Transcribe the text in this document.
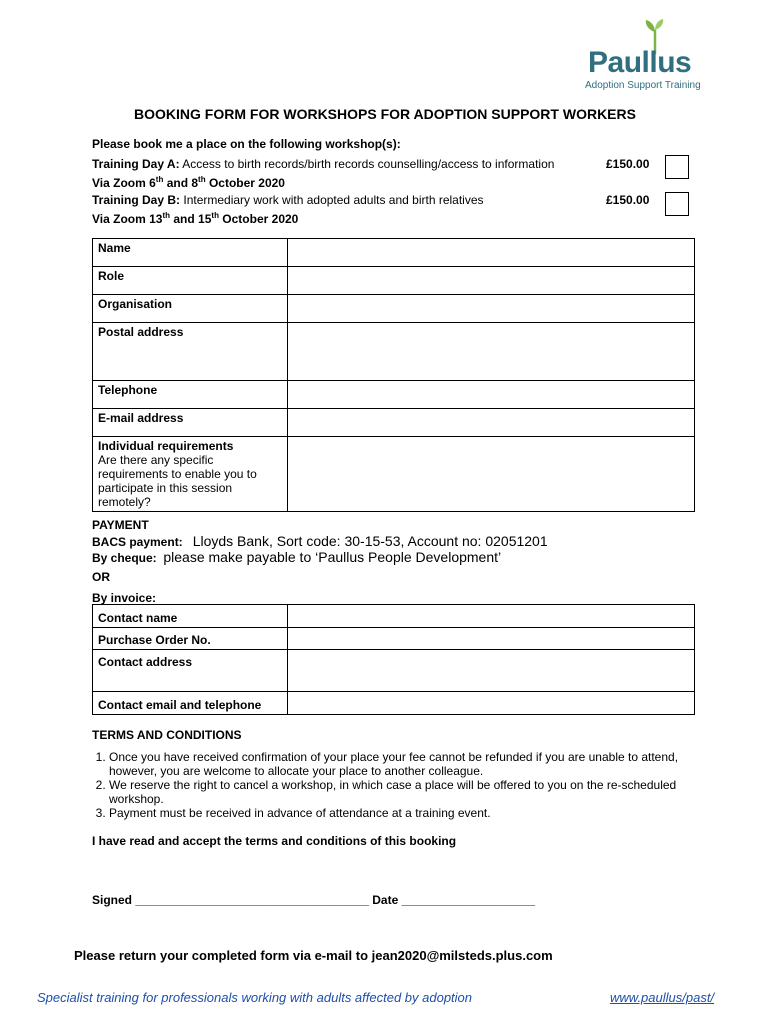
Paullus
Adoption Support Training
BOOKING FORM FOR WORKSHOPS FOR ADOPTION SUPPORT WORKERS
Please book me a place on the following workshop(s):
Training Day A: Access to birth records/birth records counselling/access to information
Via Zoom 6th and 8th October 2020
£150.00
Training Day B: Intermediary work with adopted adults and birth relatives
Via Zoom 13th and 15th October 2020
£150.00
Name	
Role	
Organisation	
Postal address	
Telephone	
E-mail address	
Individual requirements
Are there any specific
requirements to enable you to
participate in this session
remotely?	
PAYMENT
BACS payment: Lloyds Bank, Sort code: 30-15-53, Account no: 02051201
By cheque: please make payable to ‘Paullus People Development’
OR
By invoice:
Contact name	
Purchase Order No.	
Contact address	
Contact email and telephone	
TERMS AND CONDITIONS
1. Once you have received confirmation of your place your fee cannot be refunded if you are unable to attend, however, you are welcome to allocate your place to another colleague.
2. We reserve the right to cancel a workshop, in which case a place will be offered to you on the re-scheduled workshop.
3. Payment must be received in advance of attendance at a training event.
I have read and accept the terms and conditions of this booking
Signed ___________________________________ Date ____________________
Please return your completed form via e-mail to jean2020@milsteds.plus.com
Specialist training for professionals working with adults affected by adoption	www.paullus/past/
